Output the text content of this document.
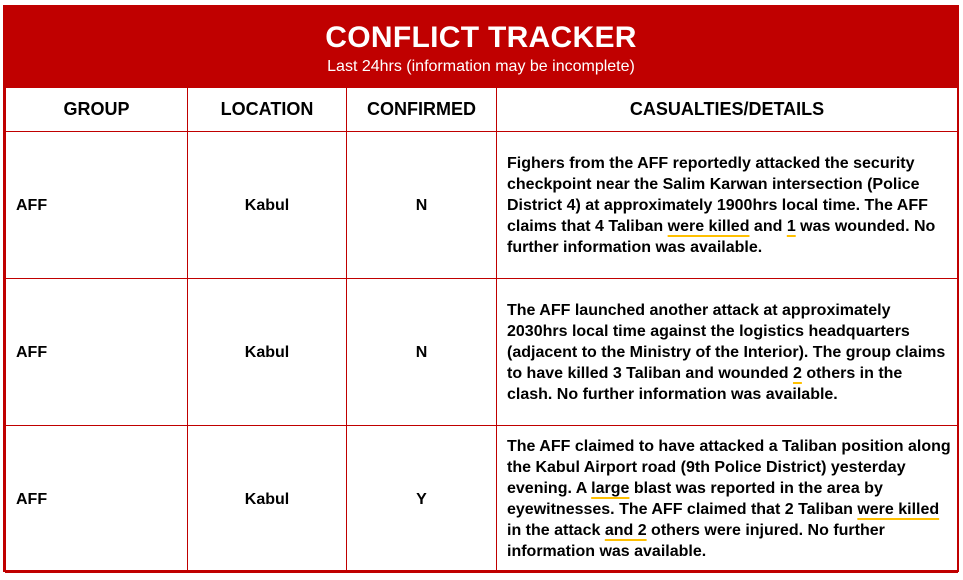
CONFLICT TRACKER
Last 24hrs (information may be incomplete)
GROUP	LOCATION	CONFIRMED	CASUALTIES/DETAILS
AFF	Kabul	N	Fighers from the AFF reportedly attacked the security checkpoint near the Salim Karwan intersection (Police District 4) at approximately 1900hrs local time. The AFF claims that 4 Taliban were killed and 1 was wounded. No further information was available.
AFF	Kabul	N	The AFF launched another attack at approximately 2030hrs local time against the logistics headquarters (adjacent to the Ministry of the Interior). The group claims to have killed 3 Taliban and wounded 2 others in the clash. No further information was available.
AFF	Kabul	Y	The AFF claimed to have attacked a Taliban position along the Kabul Airport road (9th Police District) yesterday evening. A large blast was reported in the area by eyewitnesses. The AFF claimed that 2 Taliban were killed in the attack and 2 others were injured. No further information was available.
